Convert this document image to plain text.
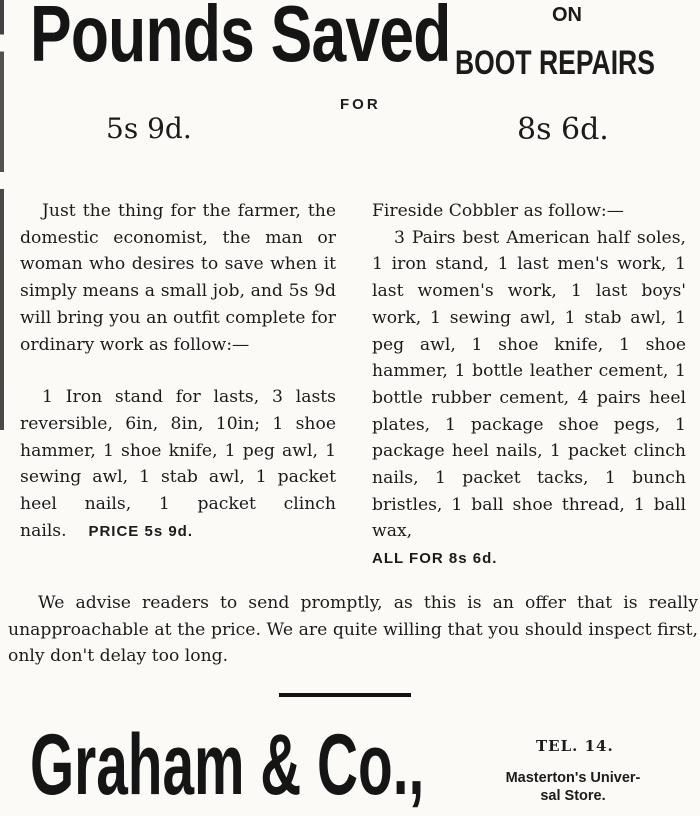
Pounds Saved	ON
BOOT REPAIRS
FOR
5s 9d.	8s 6d.

Just the thing for the farmer, the domestic economist, the man or woman who desires to save when it simply means a small job, and 5s 9d will bring you an outfit complete for ordinary work as follow:—

1 Iron stand for lasts, 3 lasts reversible, 6in, 8in, 10in; 1 shoe hammer, 1 shoe knife, 1 peg awl, 1 sewing awl, 1 stab awl, 1 packet heel nails, 1 packet clinch nails. PRICE 5s 9d.

Fireside Cobbler as follow:—

3 Pairs best American half soles, 1 iron stand, 1 last men's work, 1 last women's work, 1 last boys' work, 1 sewing awl, 1 stab awl, 1 peg awl, 1 shoe knife, 1 shoe hammer, 1 bottle leather cement, 1 bottle rubber cement, 4 pairs heel plates, 1 package shoe pegs, 1 package heel nails, 1 packet clinch nails, 1 packet tacks, 1 bunch bristles, 1 ball shoe thread, 1 ball wax,

ALL FOR 8s 6d.

We advise readers to send promptly, as this is an offer that is really unapproachable at the price. We are quite willing that you should inspect first, only don't delay too long.

Graham & Co.,	TEL. 14.
Masterton's Univer-
sal Store.
